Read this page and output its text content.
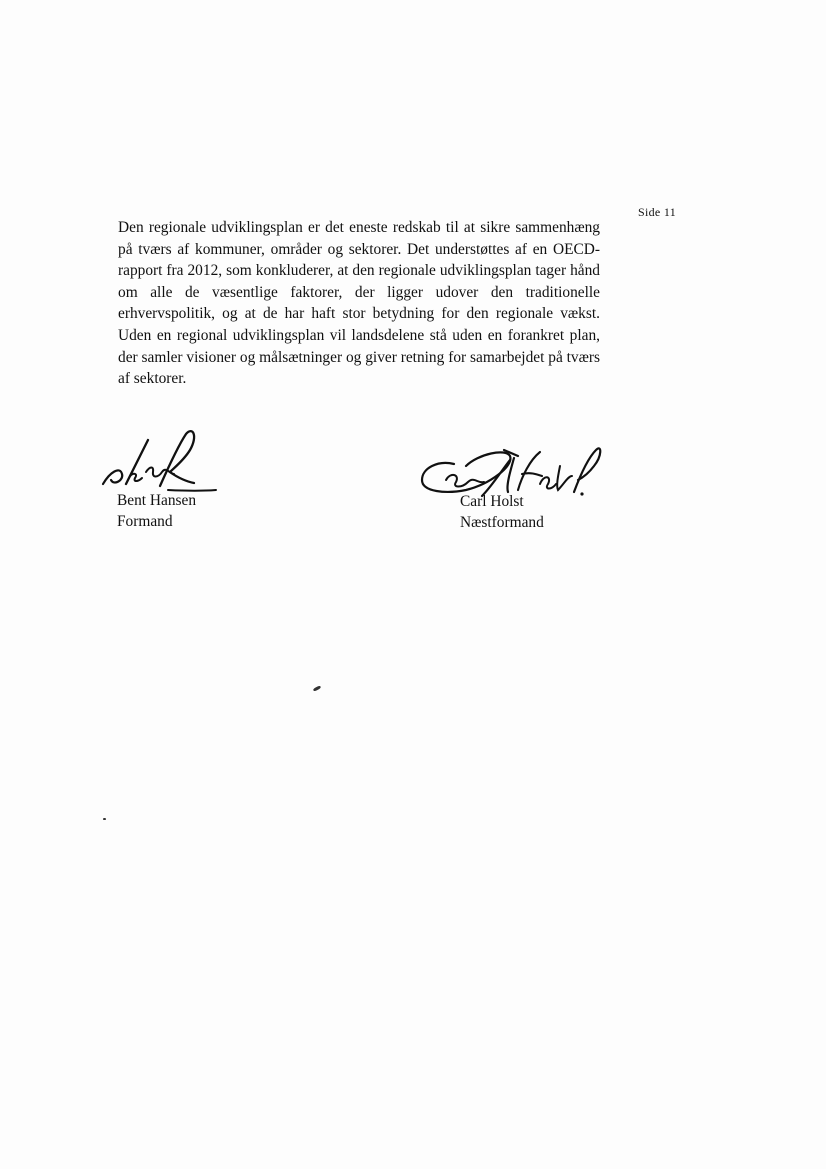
Side 11

Den regionale udviklingsplan er det eneste redskab til at sikre sammenhæng på tværs af kommuner, områder og sektorer. Det understøttes af en OECD-rapport fra 2012, som konkluderer, at den regionale udviklingsplan tager hånd om alle de væsentlige faktorer, der ligger udover den traditionelle erhvervspolitik, og at de har haft stor betydning for den regionale vækst. Uden en regional udviklingsplan vil landsdelene stå uden en forankret plan, der samler visioner og målsætninger og giver retning for samarbejdet på tværs af sektorer.

Bent Hansen
Formand
Carl Holst
Næstformand
